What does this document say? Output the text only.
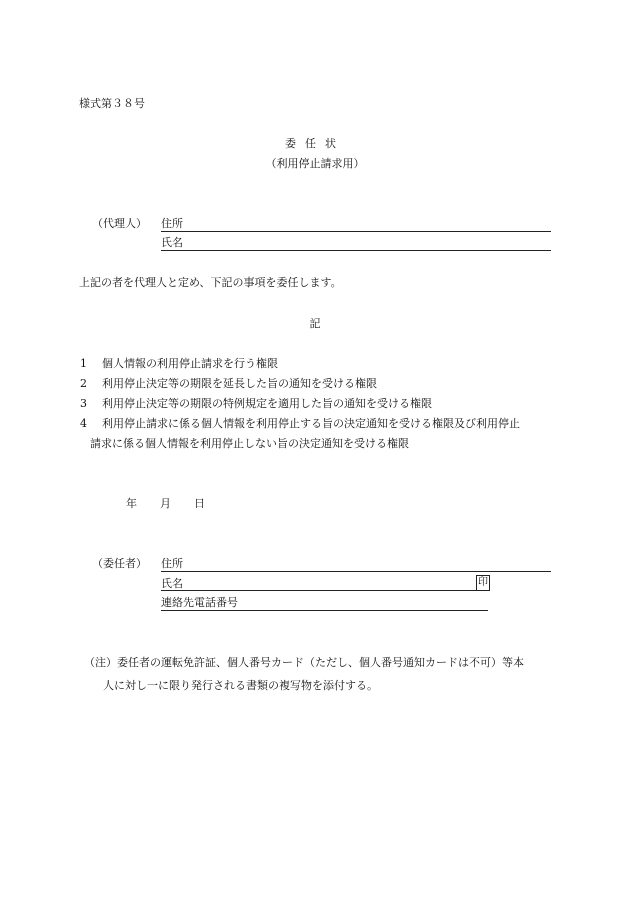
様式第３８号
委任状
（利用停止請求用）
（代理人） 住所
氏名
上記の者を代理人と定め、下記の事項を委任します。
記
1 個人情報の利用停止請求を行う権限
2 利用停止決定等の期限を延長した旨の通知を受ける権限
3 利用停止決定等の期限の特例規定を適用した旨の通知を受ける権限
4 利用停止請求に係る個人情報を利用停止する旨の決定通知を受ける権限及び利用停止
請求に係る個人情報を利用停止しない旨の決定通知を受ける権限
年 月 日
（委任者） 住所
氏名	印
連絡先電話番号
（注）委任者の運転免許証、個人番号カード（ただし、個人番号通知カードは不可）等本
人に対し一に限り発行される書類の複写物を添付する。
